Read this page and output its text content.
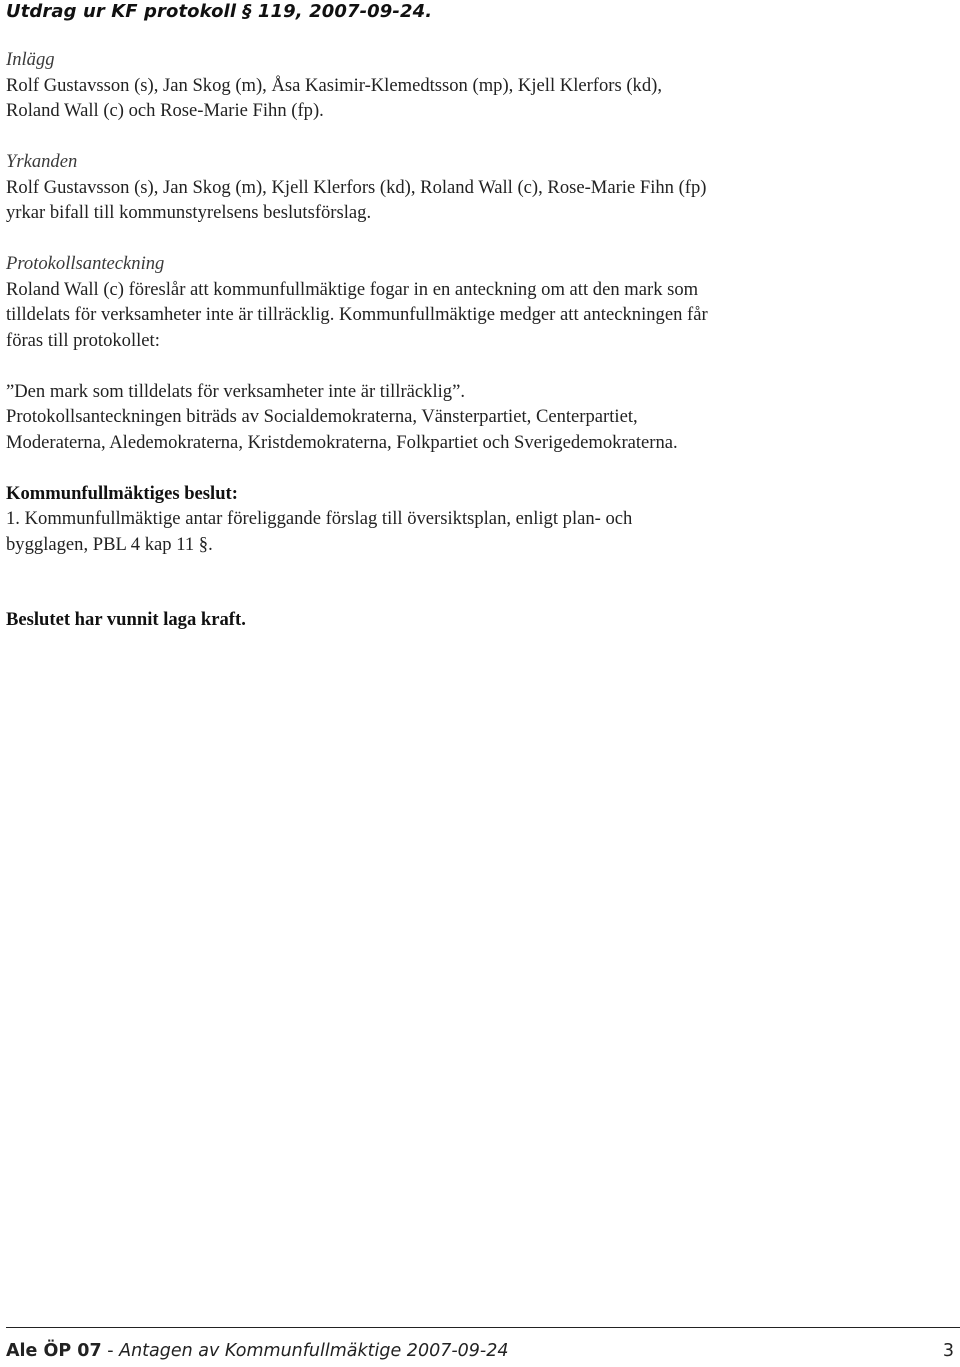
Utdrag ur KF protokoll § 119, 2007-09-24.

Inlägg

Rolf Gustavsson (s), Jan Skog (m), Åsa Kasimir-Klemedtsson (mp), Kjell Klerfors (kd), Roland Wall (c) och Rose-Marie Fihn (fp).

Yrkanden

Rolf Gustavsson (s), Jan Skog (m), Kjell Klerfors (kd), Roland Wall (c), Rose-Marie Fihn (fp) yrkar bifall till kommunstyrelsens beslutsförslag.

Protokollsanteckning

Roland Wall (c) föreslår att kommunfullmäktige fogar in en anteckning om att den mark som tilldelats för verksamheter inte är tillräcklig. Kommunfullmäktige medger att anteckningen får föras till protokollet:

”Den mark som tilldelats för verksamheter inte är tillräcklig”.

Protokollsanteckningen biträds av Socialdemokraterna, Vänsterpartiet, Centerpartiet, Moderaterna, Aledemokraterna, Kristdemokraterna, Folkpartiet och Sverigedemokraterna.

Kommunfullmäktiges beslut:

1. Kommunfullmäktige antar föreliggande förslag till översiktsplan, enligt plan- och bygglagen, PBL 4 kap 11 §.

Beslutet har vunnit laga kraft.

Ale ÖP 07 - Antagen av Kommunfullmäktige 2007-09-24	3
